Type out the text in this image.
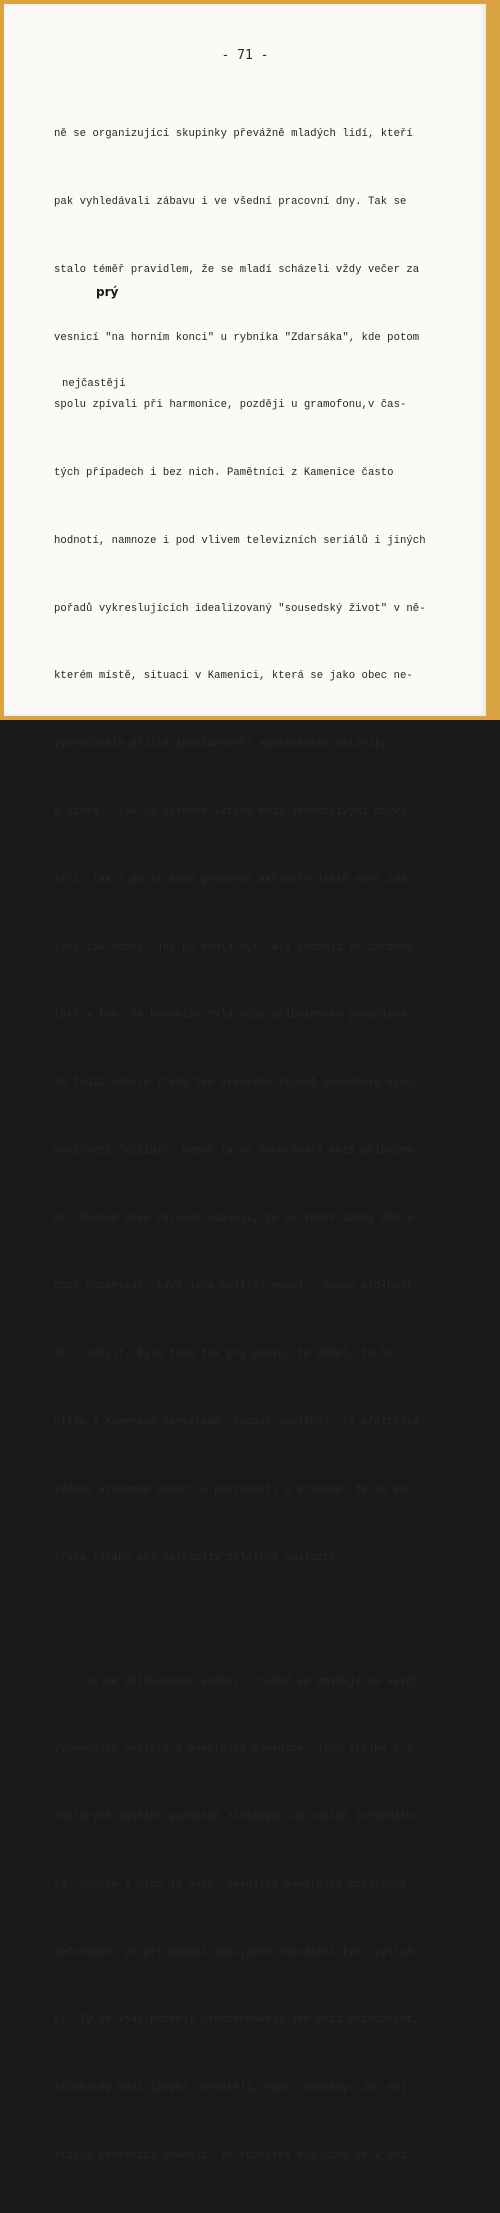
- 71 -

ně se organizující skupinky převážně mladých lidí, kteří

pak vyhledávali zábavu i ve všední pracovní dny. Tak se

stalo téměř pravidlem, že se mladí scházeli vždy večer za

vesnicí "na horním konci" u rybníka "Zdarsáka", kde potom

spolu zpívali při harmonice, později u gramofonu,v čas-

tých případech i bez nich. Pamětníci z Kamenice často

hodnotí, namnoze i pod vlivem televizních seriálů i jiných

pořadů vykreslujících idealizovaný "sousedský život" v ně-

kterém místě, situaci v Kamenici, která se jako obec ne-

vyznačovala příliš spontánností společenské aktivity

a která   jak po stránce vztahů mezi jednotlivými obyva-

teli, tak i po stránce pracovní aktivity ještě není zda-

leka tak dobrá, jak by mohla být. Ale shodují se zároveň

také v tom, že Kamenice byla vždy příbuzensky propojena,

že tudíž nebylo třeba tak vysokého stupně sousedské výpo-

moci/mezi "cizími", neboť ta se odehrávala mezi příbuzný-

mi. Shodně však zároveň udávají, že se téměř žádný dům v

obci nezamykal, když jeho majitel musel - nucen okolnost-

mi - odejít. Bylo tomu tak prý proto, že věděl, že ho

nikdo z Kamenice nevykrade. Naopak spoléhal, že přetrvává

vědomí vzájemné pomoci a povinnosti v případě, že je po-

třeba zásahu při jakékoliv zvláštní události.

Silné příbuzenské vazby, o nichž se zmiňují ve svých

výpovědích některé z pamětníků Kamenice, jsou zřejmé i z

některých dalších poznatků získaných od našich informáto-

rů. Jedním z nich je např. několika pamětníky potvrzená

informace, že při domácí zabíjačce roznášeli tzv. výsluž-

ky. Ty se však později uskutečňovaly jen mezi příbuznými,

zřídkakdy mezi jinými obyvateli, např. sousedy. Jen nej-

starší pamětníci uvádějí, že roznáška výslužky se v dří-

nejčastěji
prý
